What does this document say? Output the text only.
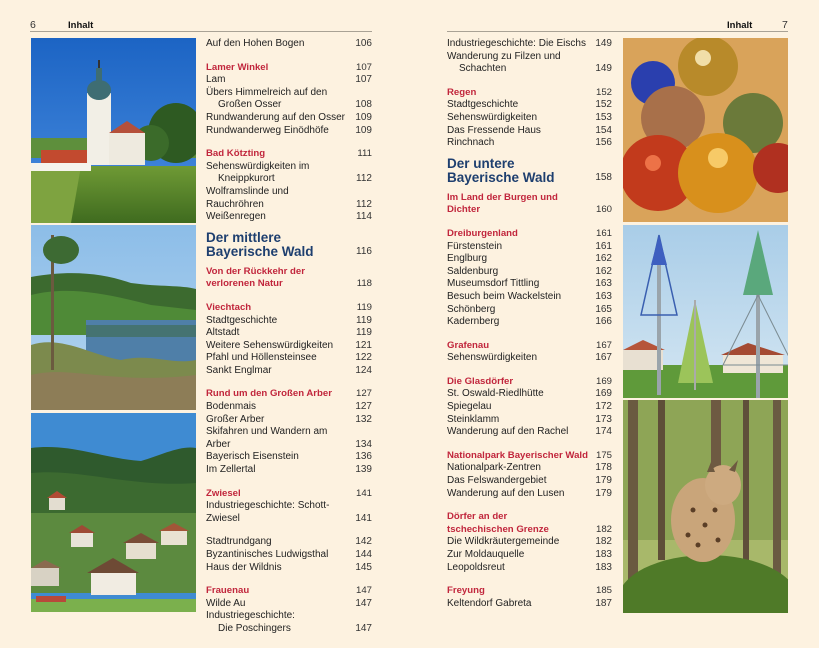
6	Inhalt
Auf den Hohen Bogen	106
Lamer Winkel	107
Lam	107
Übers Himmelreich auf den
Großen Osser	108
Rundwanderung auf den Osser	109
Rundwanderweg Einödhöfe	109
Bad Kötzting	111
Sehenswürdigkeiten im
Kneippkurort	112
Wolframslinde und Rauchröhren	112
Weißenregen	114
Der mittlere
Bayerische Wald	116
Von der Rückkehr der
verlorenen Natur	118
Viechtach	119
Stadtgeschichte	119
Altstadt	119
Weitere Sehenswürdigkeiten	121
Pfahl und Höllensteinsee	122
Sankt Englmar	124
Rund um den Großen Arber	127
Bodenmais	127
Großer Arber	132
Skifahren und Wandern am Arber	134
Bayerisch Eisenstein	136
Im Zellertal	139
Zwiesel	141
Industriegeschichte: Schott-Zwiesel	141
Stadtrundgang	142
Byzantinisches Ludwigsthal	144
Haus der Wildnis	145
Frauenau	147
Wilde Au	147
Industriegeschichte:
Die Poschingers	147
Inhalt	7
Industriegeschichte: Die Eischs 149
Wanderung zu Filzen und
Schachten	149
Regen	152
Stadtgeschichte	152
Sehenswürdigkeiten	153
Das Fressende Haus	154
Rinchnach	156
Der untere
Bayerische Wald	158
Im Land der Burgen und Dichter	160
Dreiburgenland	161
Fürstenstein	161
Englburg	162
Saldenburg	162
Museumsdorf Tittling	163
Besuch beim Wackelstein	163
Schönberg	165
Kadernberg	166
Grafenau	167
Sehenswürdigkeiten	167
Die Glasdörfer	169
St. Oswald-Riedlhütte	169
Spiegelau	172
Steinklamm	173
Wanderung auf den Rachel	174
Nationalpark Bayerischer Wald 175
Nationalpark-Zentren	178
Das Felswandergebiet	179
Wanderung auf den Lusen	179
Dörfer an der
tschechischen Grenze	182
Die Wildkräutergemeinde	182
Zur Moldauquelle	183
Leopoldsreut	183
Freyung	185
Keltendorf Gabreta	187
